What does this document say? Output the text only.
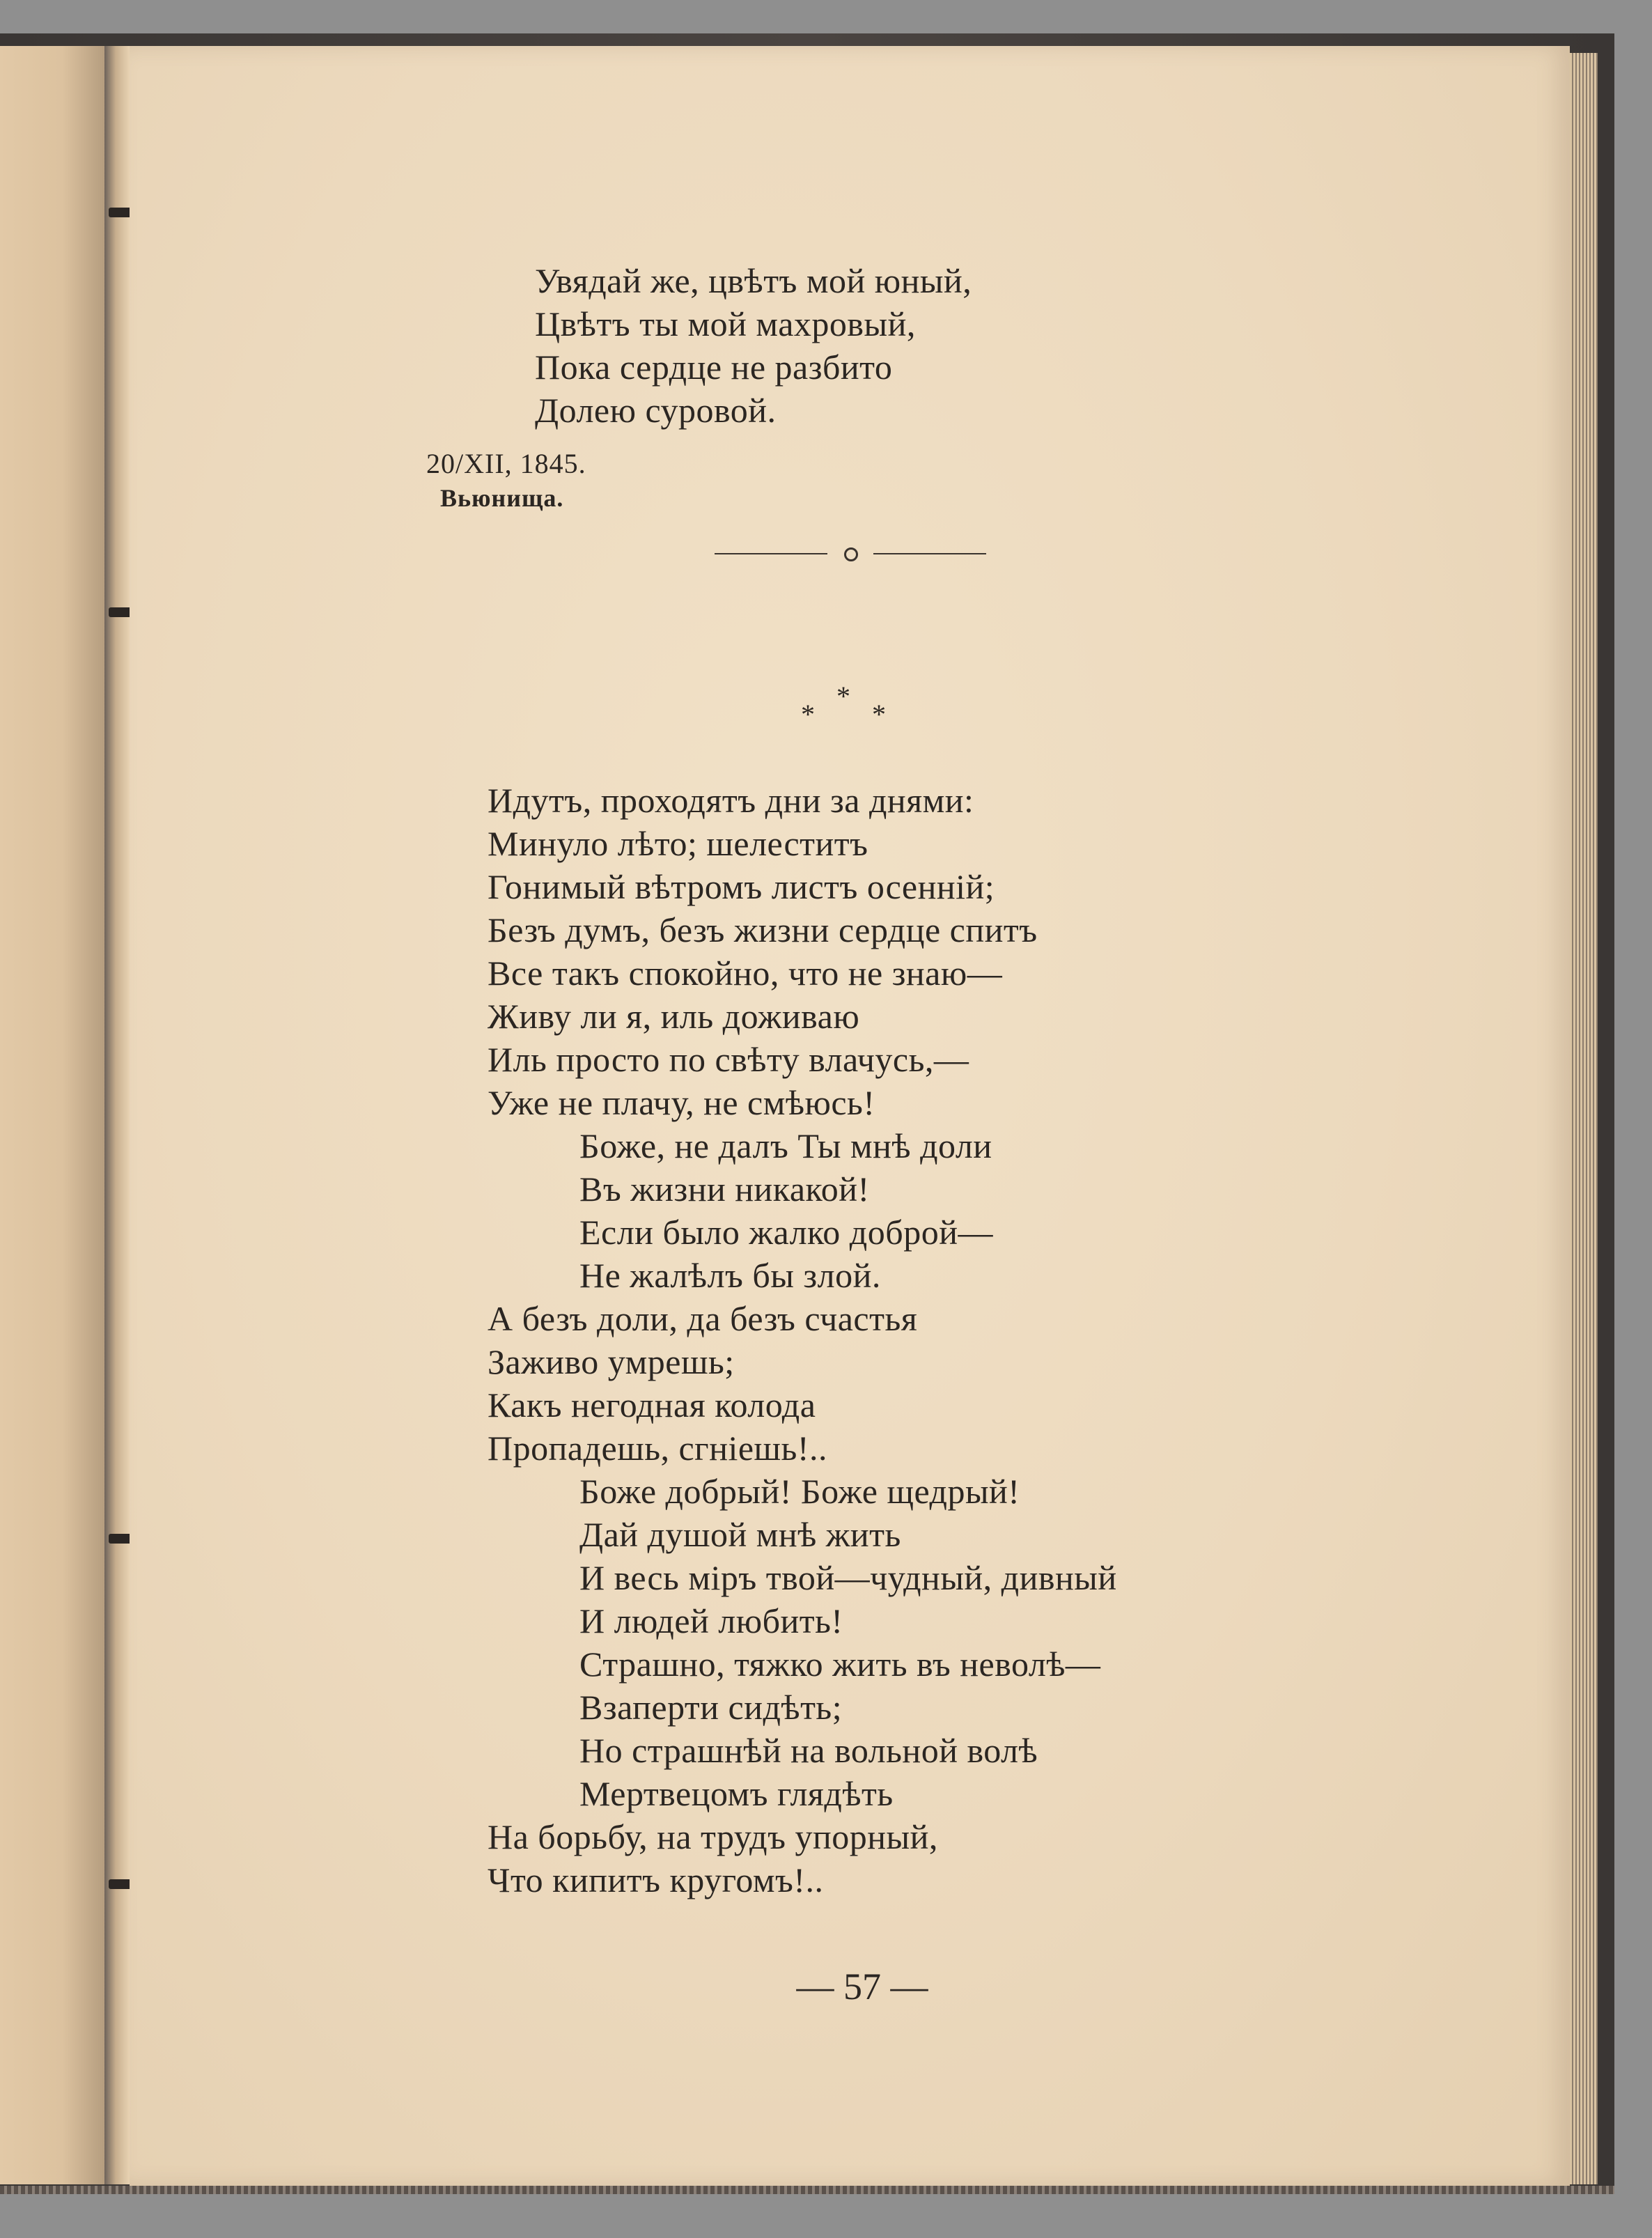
Увядай же, цвѣтъ мой юный,
Цвѣтъ ты мой махровый,
Пока сердце не разбито
Долею суровой.
20/XII, 1845.
Вьюнища.
*
*
*
Идутъ, проходятъ дни за днями:
Минуло лѣто; шелеститъ
Гонимый вѣтромъ листъ осенній;
Безъ думъ, безъ жизни сердце спитъ
Все такъ спокойно, что не знаю—
Живу ли я, иль доживаю
Иль просто по свѣту влачусь,—
Уже не плачу, не смѣюсь!
Боже, не далъ Ты мнѣ доли
Въ жизни никакой!
Если было жалко доброй—
Не жалѣлъ бы злой.
А безъ доли, да безъ счастья
Заживо умрешь;
Какъ негодная колода
Пропадешь, сгніешь!..
Боже добрый! Боже щедрый!
Дай душой мнѣ жить
И весь міръ твой—чудный, дивный
И людей любить!
Страшно, тяжко жить въ неволѣ—
Взаперти сидѣть;
Но страшнѣй на вольной волѣ
Мертвецомъ глядѣть
На борьбу, на трудъ упорный,
Что кипитъ кругомъ!..
— 57 —
